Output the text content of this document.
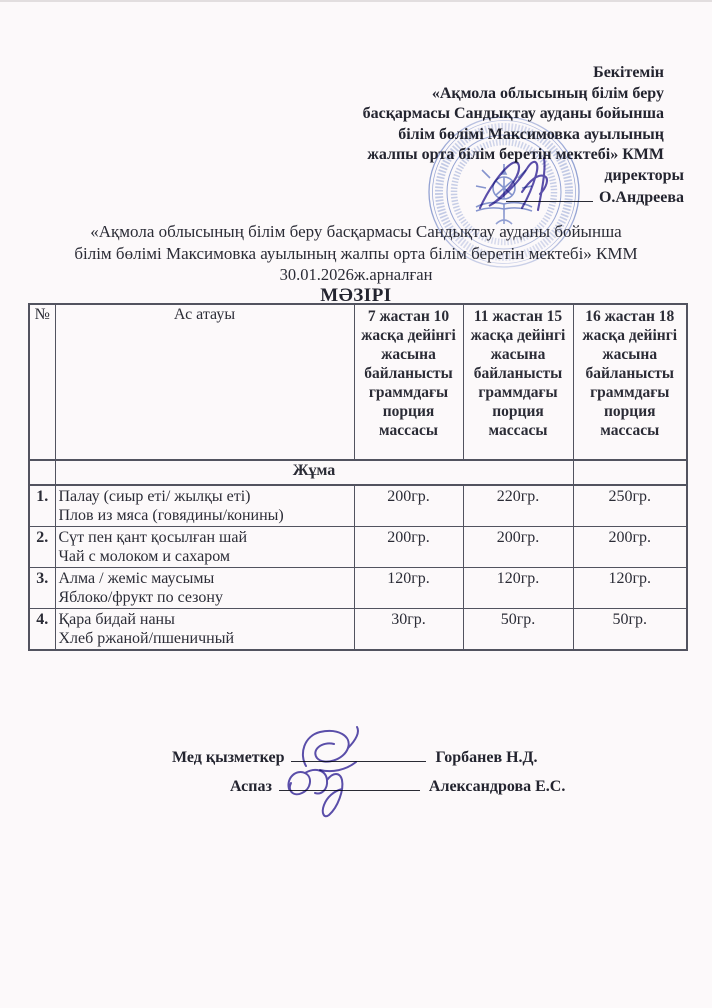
Бекітемін
«Ақмола облысының білім беру
басқармасы Сандықтау ауданы бойынша
білім бөлімі Максимовка ауылының
жалпы орта білім беретін мектебі» КММ
директоры
О.Андреева
«Ақмола облысының білім беру басқармасы Сандықтау ауданы бойынша
білім бөлімі Максимовка ауылының жалпы орта білім беретін мектебі» КММ
30.01.2026ж.арналған
МӘЗІРІ
№	Ас атауы	7 жастан 10 жасқа дейінгі жасына байланысты граммдағы порция массасы	11 жастан 15 жасқа дейінгі жасына байланысты граммдағы порция массасы	16 жастан 18 жасқа дейінгі жасына байланысты граммдағы порция массасы
	Жұма			
1.	Палау (сиыр еті/ жылқы еті)
Плов из мяса (говядины/конины)	200гр.	220гр.	250гр.
2.	Сүт пен қант қосылған шай
Чай с молоком и сахаром	200гр.	200гр.	200гр.
3.	Алма / жеміс маусымы
Яблоко/фрукт по сезону	120гр.	120гр.	120гр.
4.	Қара бидай наны
Хлеб ржаной/пшеничный	30гр.	50гр.	50гр.
Мед қызметкер	Горбанев Н.Д.
Аспаз	Александрова Е.С.
